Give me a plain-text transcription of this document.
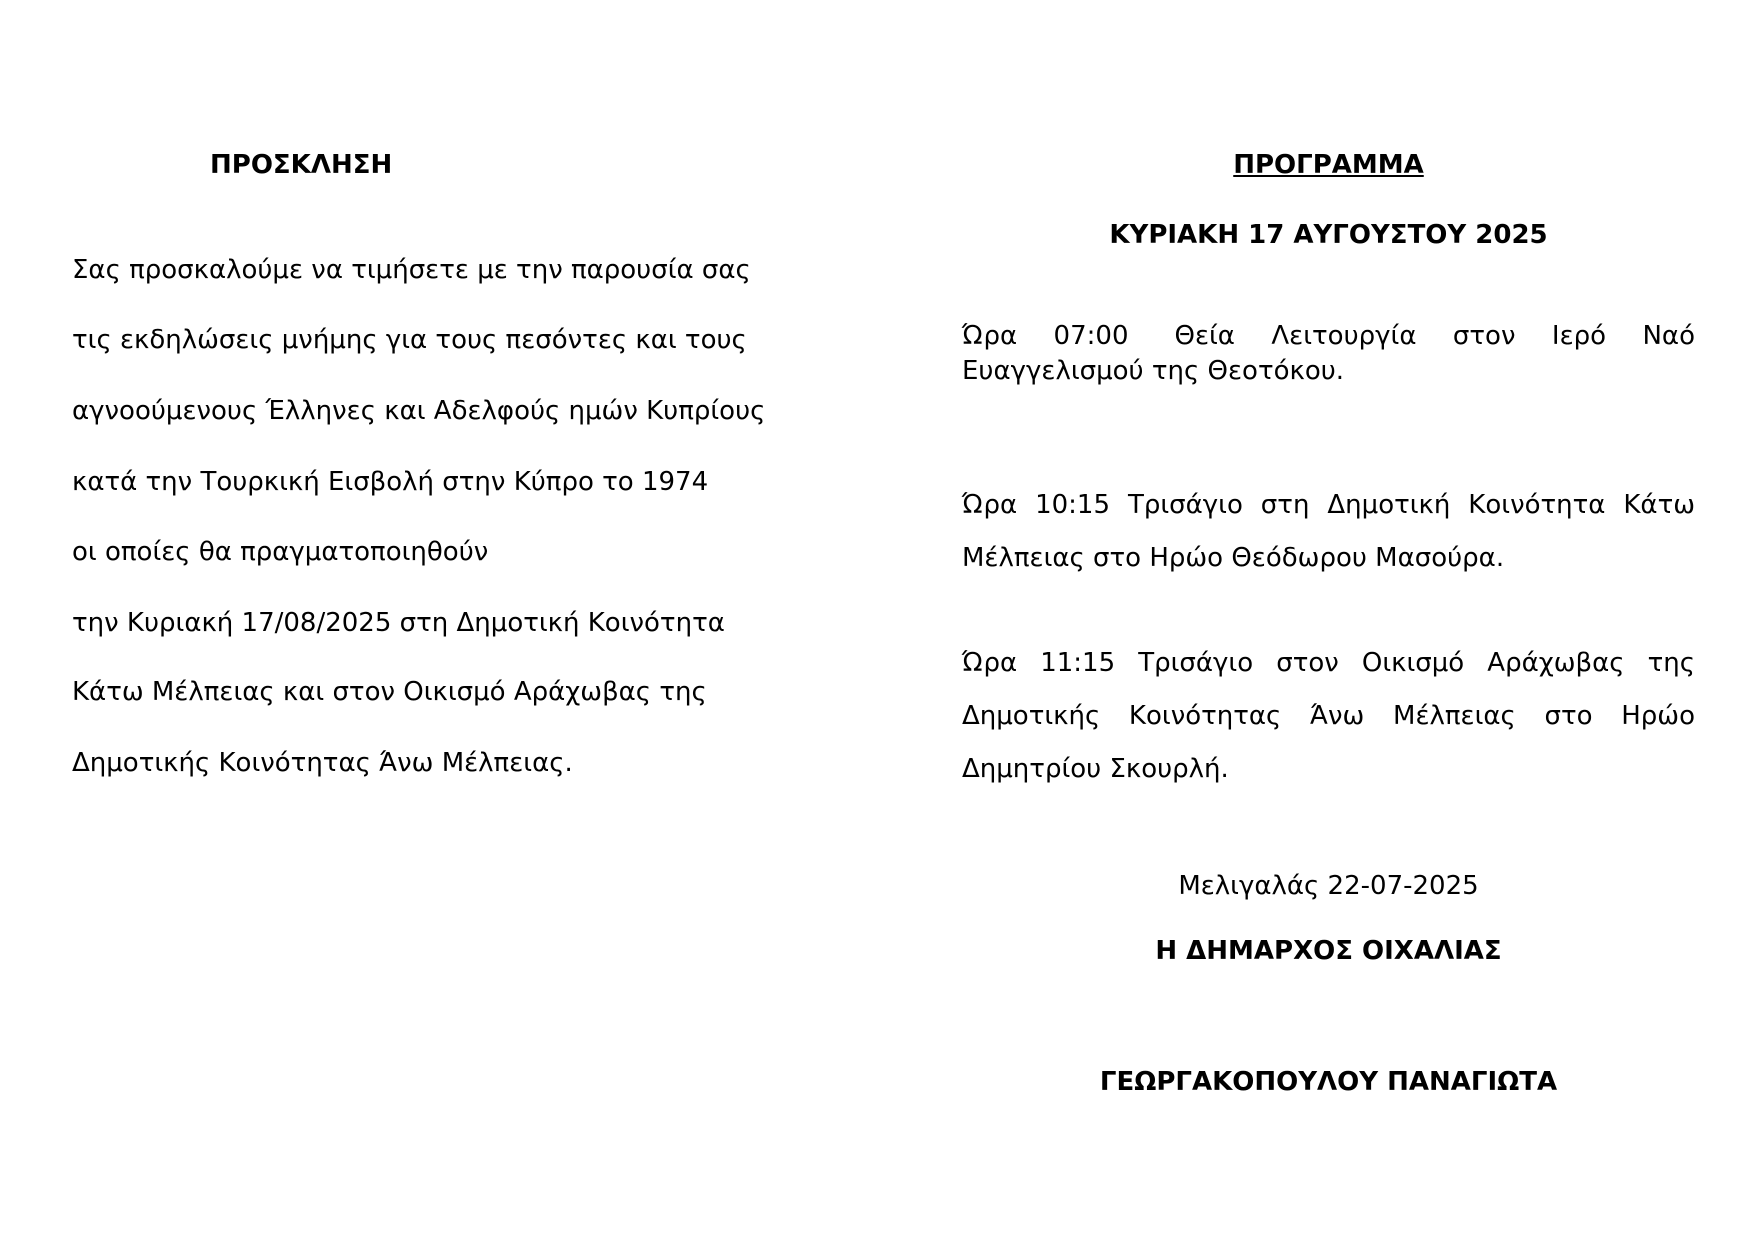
ΠΡΟΣΚΛΗΣΗ
Σας προσκαλούμε να τιμήσετε με την παρουσία σας
τις εκδηλώσεις μνήμης για τους πεσόντες και τους
αγνοούμενους Έλληνες και Αδελφούς ημών Κυπρίους
κατά την Τουρκική Εισβολή στην Κύπρο το 1974
οι οποίες θα πραγματοποιηθούν
την Κυριακή 17/08/2025 στη Δημοτική Κοινότητα
Κάτω Μέλπειας και στον Οικισμό Αράχωβας της
Δημοτικής Κοινότητας Άνω Μέλπειας.
ΠΡΟΓΡΑΜΜΑ
ΚΥΡΙΑΚΗ 17 ΑΥΓΟΥΣΤΟΥ 2025
Ώρα 07:00 Θεία Λειτουργία στον Ιερό Ναό
Ευαγγελισμού της Θεοτόκου.
Ώρα 10:15 Τρισάγιο στη Δημοτική Κοινότητα Κάτω
Μέλπειας στο Ηρώο Θεόδωρου Μασούρα.
Ώρα 11:15 Τρισάγιο στον Οικισμό Αράχωβας της
Δημοτικής Κοινότητας Άνω Μέλπειας στο Ηρώο
Δημητρίου Σκουρλή.
Μελιγαλάς 22-07-2025
Η ΔΗΜΑΡΧΟΣ ΟΙΧΑΛΙΑΣ
ΓΕΩΡΓΑΚΟΠΟΥΛΟΥ ΠΑΝΑΓΙΩΤΑ
